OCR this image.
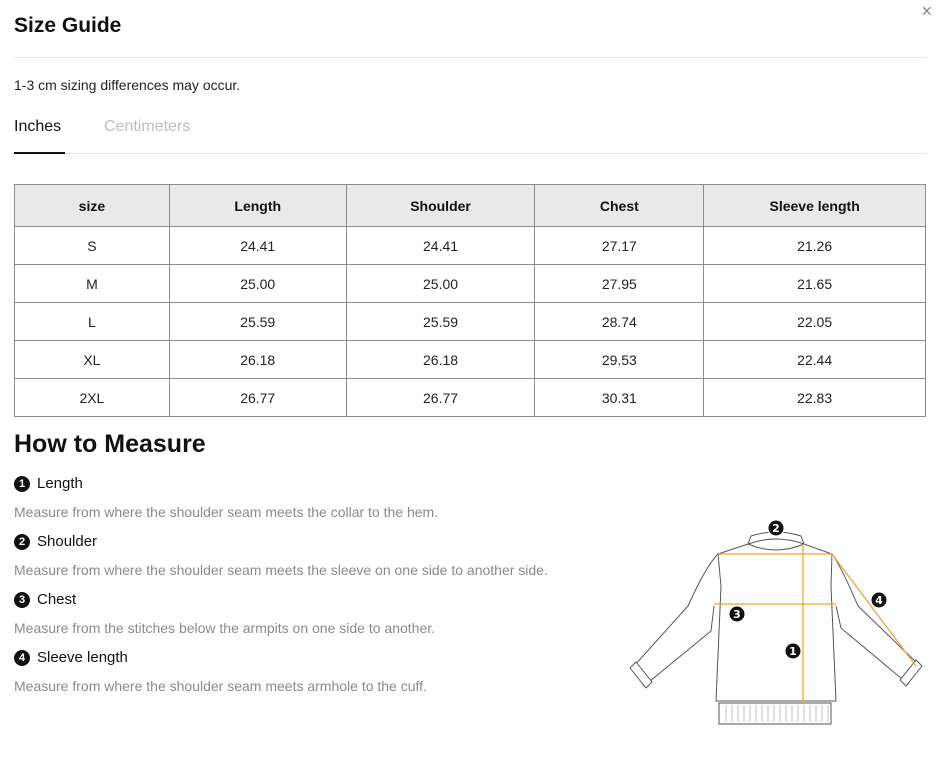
×
Size Guide

1-3 cm sizing differences may occur.

Inches	Centimeters
size	Length	Shoulder	Chest	Sleeve length
S	24.41	24.41	27.17	21.26
M	25.00	25.00	27.95	21.65
L	25.59	25.59	28.74	22.05
XL	26.18	26.18	29.53	22.44
2XL	26.77	26.77	30.31	22.83
How to Measure
1 Length

Measure from where the shoulder seam meets the collar to the hem.

2 Shoulder

Measure from where the shoulder seam meets the sleeve on one side to another side.

3 Chest

Measure from the stitches below the armpits on one side to another.

4 Sleeve length

Measure from where the shoulder seam meets armhole to the cuff.

2
3
1
4
